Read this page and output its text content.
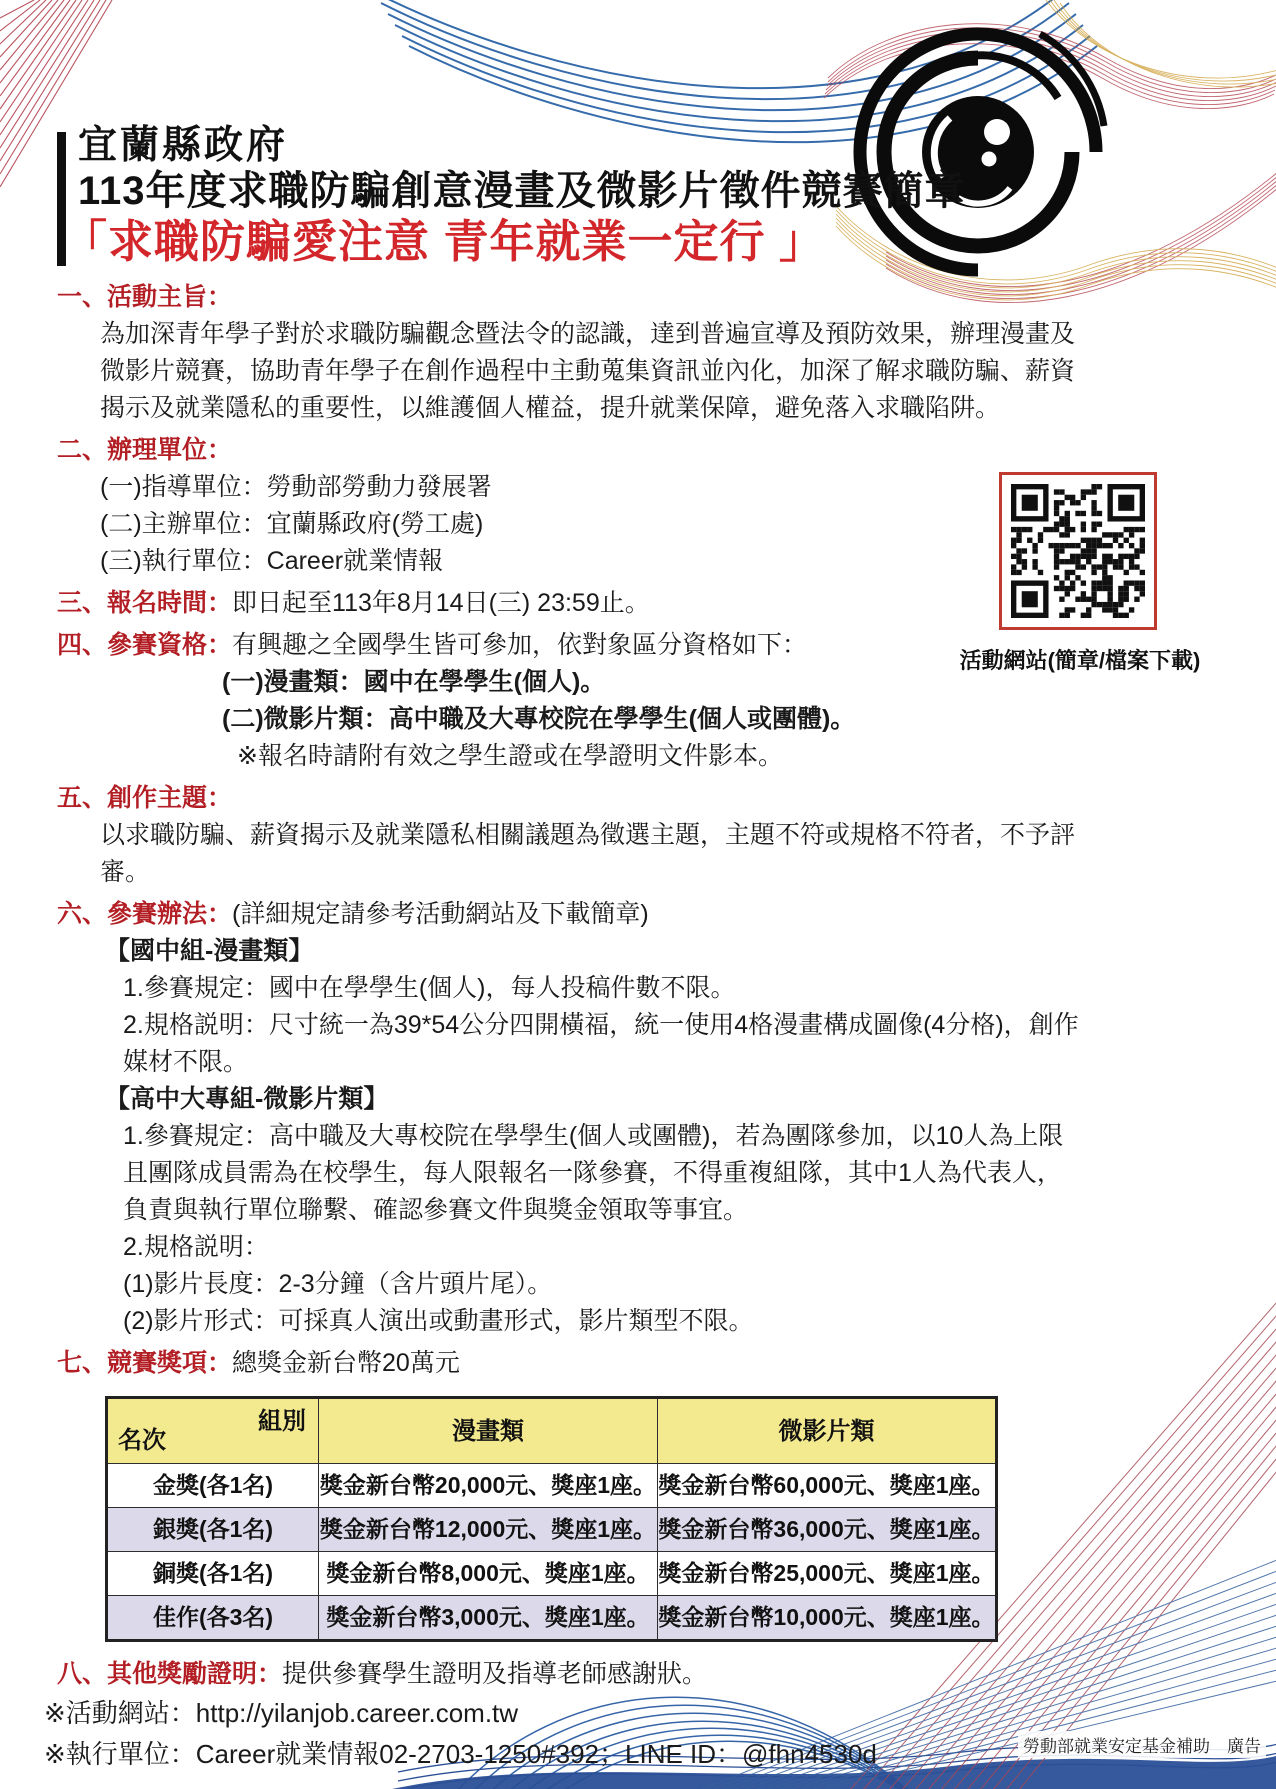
宜蘭縣政府
113年度求職防騙創意漫畫及微影片徵件競賽簡章
「求職防騙愛注意 青年就業一定行 」
一、活動主旨：
為加深青年學子對於求職防騙觀念暨法令的認識，達到普遍宣導及預防效果，辦理漫畫及微影片競賽，協助青年學子在創作過程中主動蒐集資訊並內化，加深了解求職防騙、薪資揭示及就業隱私的重要性，以維護個人權益，提升就業保障，避免落入求職陷阱。
二、辦理單位：
(一)指導單位：勞動部勞動力發展署
(二)主辦單位：宜蘭縣政府(勞工處)
(三)執行單位：Career就業情報
三、報名時間：即日起至113年8月14日(三) 23:59止。
四、參賽資格：有興趣之全國學生皆可參加，依對象區分資格如下：
(一)漫畫類：國中在學學生(個人)。
(二)微影片類：高中職及大專校院在學學生(個人或團體)。
※報名時請附有效之學生證或在學證明文件影本。
五、創作主題：
以求職防騙、薪資揭示及就業隱私相關議題為徵選主題，主題不符或規格不符者，不予評審。
六、參賽辦法：(詳細規定請參考活動網站及下載簡章)
【國中組-漫畫類】
1.參賽規定：國中在學學生(個人)，每人投稿件數不限。
2.規格説明：尺寸統一為39*54公分四開橫福，統一使用4格漫畫構成圖像(4分格)，創作媒材不限。
【高中大專組-微影片類】
1.參賽規定：高中職及大專校院在學學生(個人或團體)，若為團隊參加，以10人為上限且團隊成員需為在校學生，每人限報名一隊參賽，不得重複組隊，其中1人為代表人，負責與執行單位聯繫、確認參賽文件與獎金領取等事宜。
2.規格説明：
(1)影片長度：2-3分鐘（含片頭片尾）。
(2)影片形式：可採真人演出或動畫形式，影片類型不限。
七、競賽獎項：總獎金新台幣20萬元
組別
名次	漫畫類	微影片類
金獎(各1名)	獎金新台幣20,000元、獎座1座。	獎金新台幣60,000元、獎座1座。
銀獎(各1名)	獎金新台幣12,000元、獎座1座。	獎金新台幣36,000元、獎座1座。
銅獎(各1名)	獎金新台幣8,000元、獎座1座。	獎金新台幣25,000元、獎座1座。
佳作(各3名)	獎金新台幣3,000元、獎座1座。	獎金新台幣10,000元、獎座1座。
八、其他獎勵證明：提供參賽學生證明及指導老師感謝狀。
※活動網站：http://yilanjob.career.com.tw
※執行單位：Career就業情報02-2703-1250#392；LINE ID：@fhn4530d
活動網站(簡章/檔案下載)
勞動部就業安定基金補助　廣告
